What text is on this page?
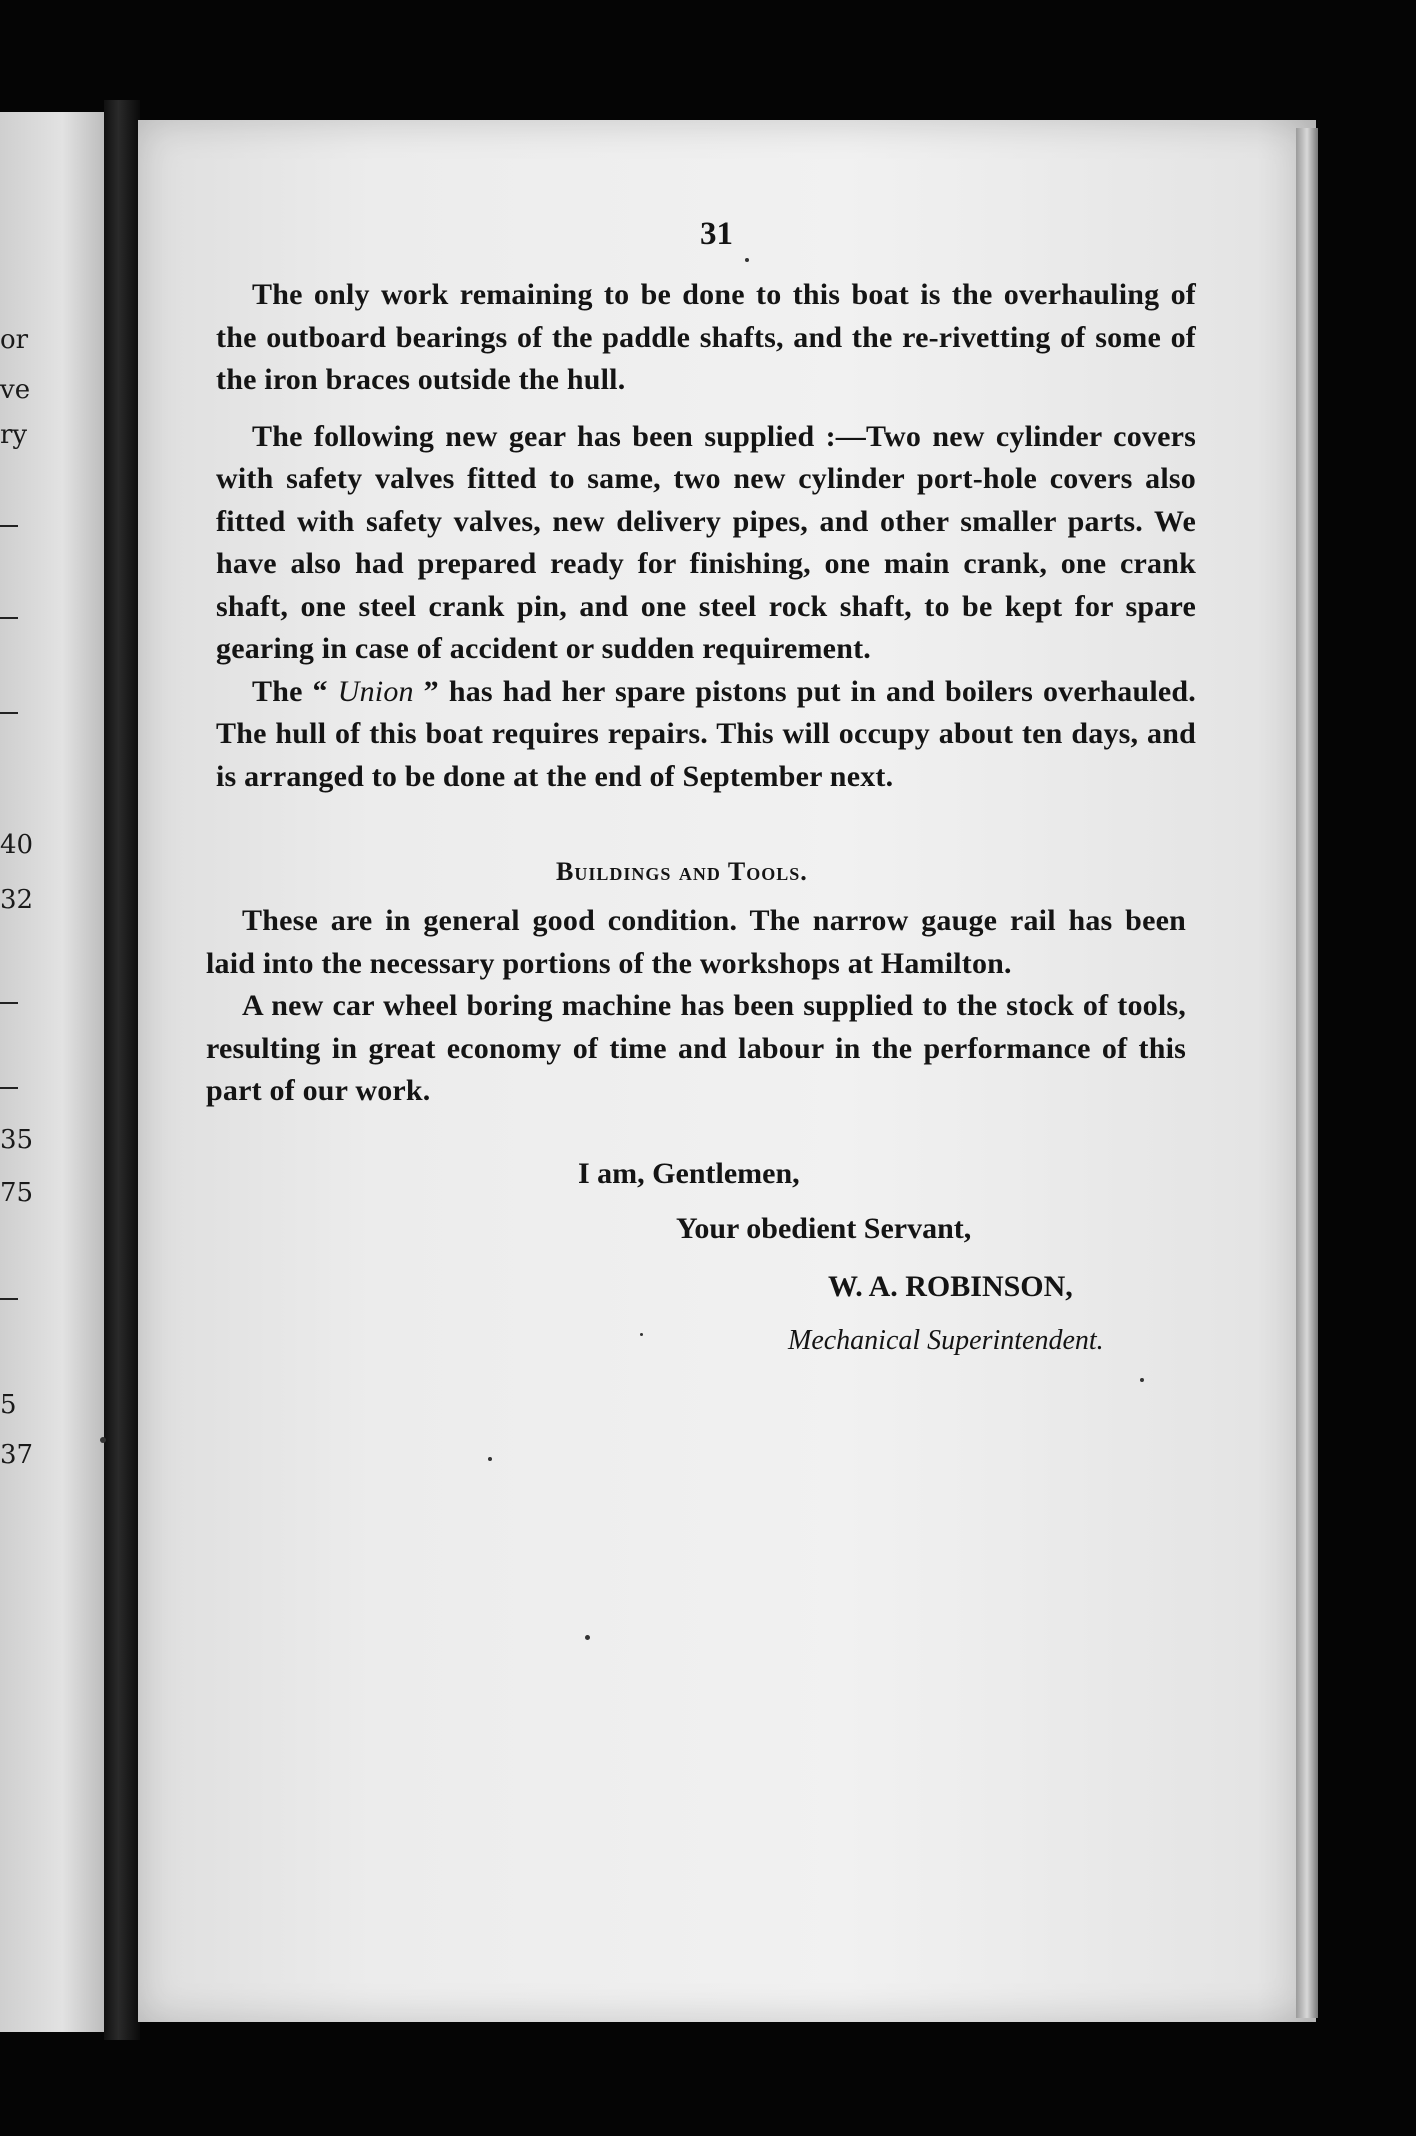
or
ve
ry
40
32
35
75
5
37
31

The only work remaining to be done to this boat is the overhauling of the outboard bearings of the paddle shafts, and the re-rivetting of some of the iron braces outside the hull.

The following new gear has been supplied :—Two new cylinder covers with safety valves fitted to same, two new cylinder port-hole covers also fitted with safety valves, new delivery pipes, and other smaller parts. We have also had prepared ready for finishing, one main crank, one crank shaft, one steel crank pin, and one steel rock shaft, to be kept for spare gearing in case of accident or sudden requirement.

The “ Union ” has had her spare pistons put in and boilers overhauled. The hull of this boat requires repairs. This will occupy about ten days, and is arranged to be done at the end of September next.

Buildings and Tools.

These are in general good condition. The narrow gauge rail has been laid into the necessary portions of the workshops at Hamilton.

A new car wheel boring machine has been supplied to the stock of tools, resulting in great economy of time and labour in the performance of this part of our work.

I am, Gentlemen,
Your obedient Servant,
W. A. ROBINSON,
Mechanical Superintendent.
